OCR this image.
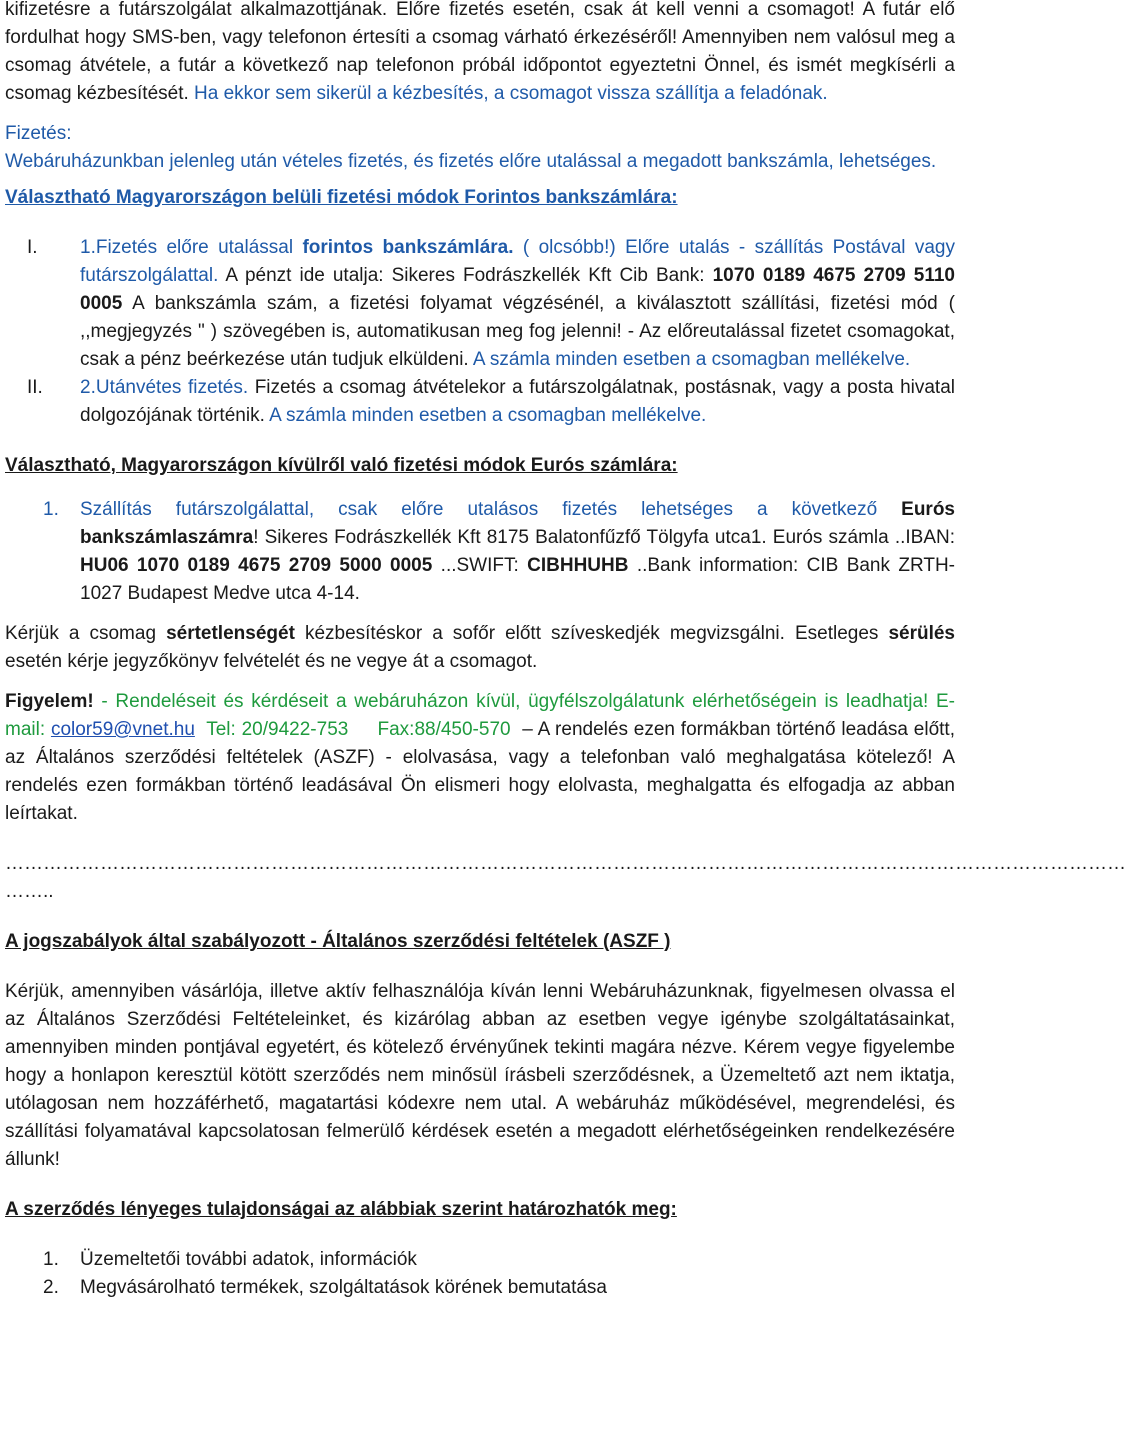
kifizetésre a futárszolgálat alkalmazottjának. Előre fizetés esetén, csak át kell venni a csomagot! A futár elő fordulhat hogy SMS-ben, vagy telefonon értesíti a csomag várható érkezéséről! Amennyiben nem valósul meg a csomag átvétele, a futár a következő nap telefonon próbál időpontot egyeztetni Önnel, és ismét megkísérli a csomag kézbesítését. Ha ekkor sem sikerül a kézbesítés, a csomagot vissza szállítja a feladónak.

Fizetés:
Webáruházunkban jelenleg után vételes fizetés, és fizetés előre utalással a megadott bankszámla, lehetséges.

Választható Magyarországon belüli fizetési módok Forintos bankszámlára:

I.	1.Fizetés előre utalással forintos bankszámlára. ( olcsóbb!) Előre utalás - szállítás Postával vagy futárszolgálattal. A pénzt ide utalja: Sikeres Fodrászkellék Kft Cib Bank: 1070 0189 4675 2709 5110 0005 A bankszámla szám, a fizetési folyamat végzésénél, a kiválasztott szállítási, fizetési mód ( ,,megjegyzés " ) szövegében is, automatikusan meg fog jelenni! - Az előreutalással fizetet csomagokat, csak a pénz beérkezése után tudjuk elküldeni. A számla minden esetben a csomagban mellékelve.
II.	2.Utánvétes fizetés. Fizetés a csomag átvételekor a futárszolgálatnak, postásnak, vagy a posta hivatal dolgozójának történik. A számla minden esetben a csomagban mellékelve.

Választható, Magyarországon kívülről való fizetési módok Eurós számlára:

1.	Szállítás futárszolgálattal, csak előre utalásos fizetés lehetséges a következő Eurós bankszámlaszámra! Sikeres Fodrászkellék Kft 8175 Balatonfűzfő Tölgyfa utca1. Eurós számla ..IBAN: HU06 1070 0189 4675 2709 5000 0005 ...SWIFT: CIBHHUHB ..Bank information: CIB Bank ZRTH-1027 Budapest Medve utca 4-14.

Kérjük a csomag sértetlenségét kézbesítéskor a sofőr előtt szíveskedjék megvizsgálni. Esetleges sérülés esetén kérje jegyzőkönyv felvételét és ne vegye át a csomagot.

Figyelem! - Rendeléseit és kérdéseit a webáruházon kívül, ügyfélszolgálatunk elérhetőségein is leadhatja! E-mail: color59@vnet.hu  Tel: 20/9422-753     Fax:88/450-570  – A rendelés ezen formákban történő leadása előtt, az Általános szerződési feltételek (ASZF) - elolvasása, vagy a telefonban való meghalgatása kötelező! A rendelés ezen formákban történő leadásával Ön elismeri hogy elolvasta, meghalgatta és elfogadja az abban leírtakat.

……………………………………………………………………………………………………………………………………………………………
……..

A jogszabályok által szabályozott - Általános szerződési feltételek (ASZF )

Kérjük, amennyiben vásárlója, illetve aktív felhasználója kíván lenni Webáruházunknak, figyelmesen olvassa el az Általános Szerződési Feltételeinket, és kizárólag abban az esetben vegye igénybe szolgáltatásainkat, amennyiben minden pontjával egyetért, és kötelező érvényűnek tekinti magára nézve. Kérem vegye figyelembe hogy a honlapon keresztül kötött szerződés nem minősül írásbeli szerződésnek, a Üzemeltető azt nem iktatja, utólagosan nem hozzáférhető, magatartási kódexre nem utal. A webáruház működésével, megrendelési, és szállítási folyamatával kapcsolatosan felmerülő kérdések esetén a megadott elérhetőségeinken rendelkezésére állunk!

A szerződés lényeges tulajdonságai az alábbiak szerint határozhatók meg:

1.	Üzemeltetői további adatok, információk
2.	Megvásárolható termékek, szolgáltatások körének bemutatása
